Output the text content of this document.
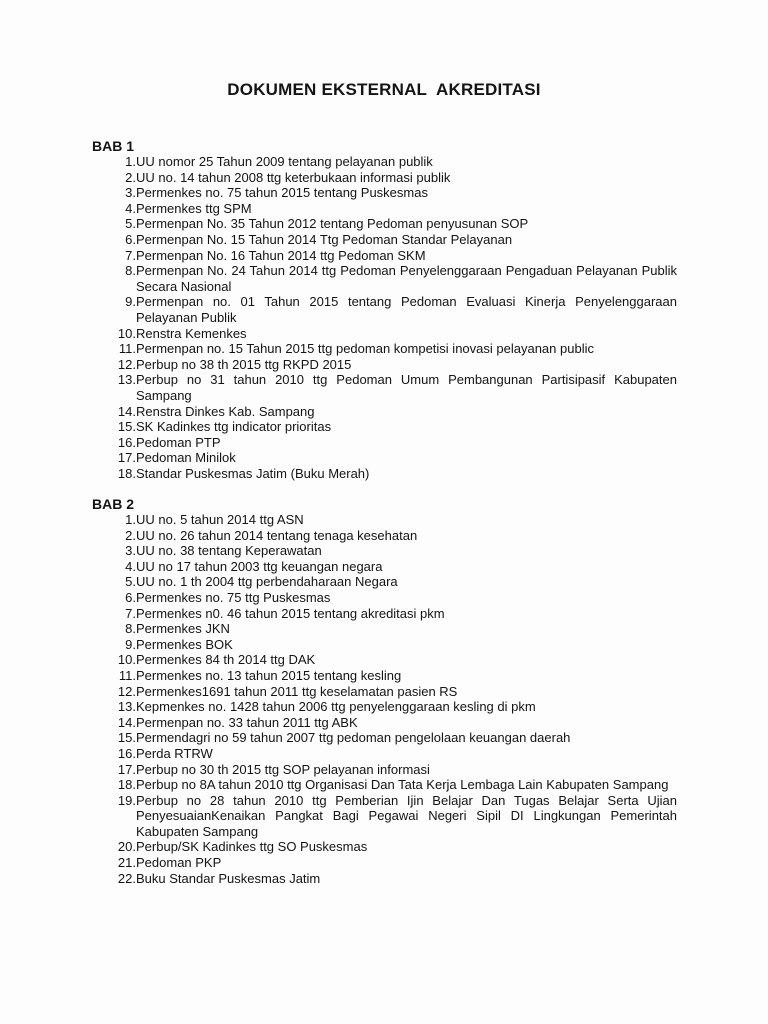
DOKUMEN EKSTERNAL  AKREDITASI
BAB 1
1. UU nomor 25 Tahun 2009 tentang pelayanan publik
2. UU no. 14 tahun 2008 ttg keterbukaan informasi publik
3. Permenkes no. 75 tahun 2015 tentang Puskesmas
4. Permenkes ttg SPM
5. Permenpan No. 35 Tahun 2012 tentang Pedoman penyusunan SOP
6. Permenpan No. 15 Tahun 2014 Ttg Pedoman Standar Pelayanan
7. Permenpan No. 16 Tahun 2014 ttg Pedoman SKM
8. Permenpan No. 24 Tahun 2014 ttg Pedoman Penyelenggaraan Pengaduan Pelayanan Publik Secara Nasional
9. Permenpan no. 01 Tahun 2015 tentang Pedoman Evaluasi Kinerja Penyelenggaraan Pelayanan Publik
10. Renstra Kemenkes
11. Permenpan no. 15 Tahun 2015 ttg pedoman kompetisi inovasi pelayanan public
12. Perbup no 38 th 2015 ttg RKPD 2015
13. Perbup no 31 tahun 2010 ttg Pedoman Umum Pembangunan Partisipasif Kabupaten Sampang
14. Renstra Dinkes Kab. Sampang
15. SK Kadinkes ttg indicator prioritas
16. Pedoman PTP
17. Pedoman Minilok
18. Standar Puskesmas Jatim (Buku Merah)
BAB 2
1. UU no. 5 tahun 2014 ttg ASN
2. UU no. 26 tahun 2014 tentang tenaga kesehatan
3. UU no. 38 tentang Keperawatan
4. UU no 17 tahun 2003 ttg keuangan negara
5. UU no. 1 th 2004 ttg perbendaharaan Negara
6. Permenkes no. 75 ttg Puskesmas
7. Permenkes n0. 46 tahun 2015 tentang akreditasi pkm
8. Permenkes JKN
9. Permenkes BOK
10. Permenkes 84 th 2014 ttg DAK
11. Permenkes no. 13 tahun 2015 tentang kesling
12. Permenkes1691 tahun 2011 ttg keselamatan pasien RS
13. Kepmenkes no. 1428 tahun 2006 ttg penyelenggaraan kesling di pkm
14. Permenpan no. 33 tahun 2011 ttg ABK
15. Permendagri no 59 tahun 2007 ttg pedoman pengelolaan keuangan daerah
16. Perda RTRW
17. Perbup no 30 th 2015 ttg SOP pelayanan informasi
18. Perbup no 8A tahun 2010 ttg Organisasi Dan Tata Kerja Lembaga Lain Kabupaten Sampang
19. Perbup no 28 tahun 2010 ttg Pemberian Ijin Belajar Dan Tugas Belajar Serta Ujian PenyesuaianKenaikan Pangkat Bagi Pegawai Negeri Sipil DI Lingkungan Pemerintah Kabupaten Sampang
20. Perbup/SK Kadinkes ttg SO Puskesmas
21. Pedoman PKP
22. Buku Standar Puskesmas Jatim
